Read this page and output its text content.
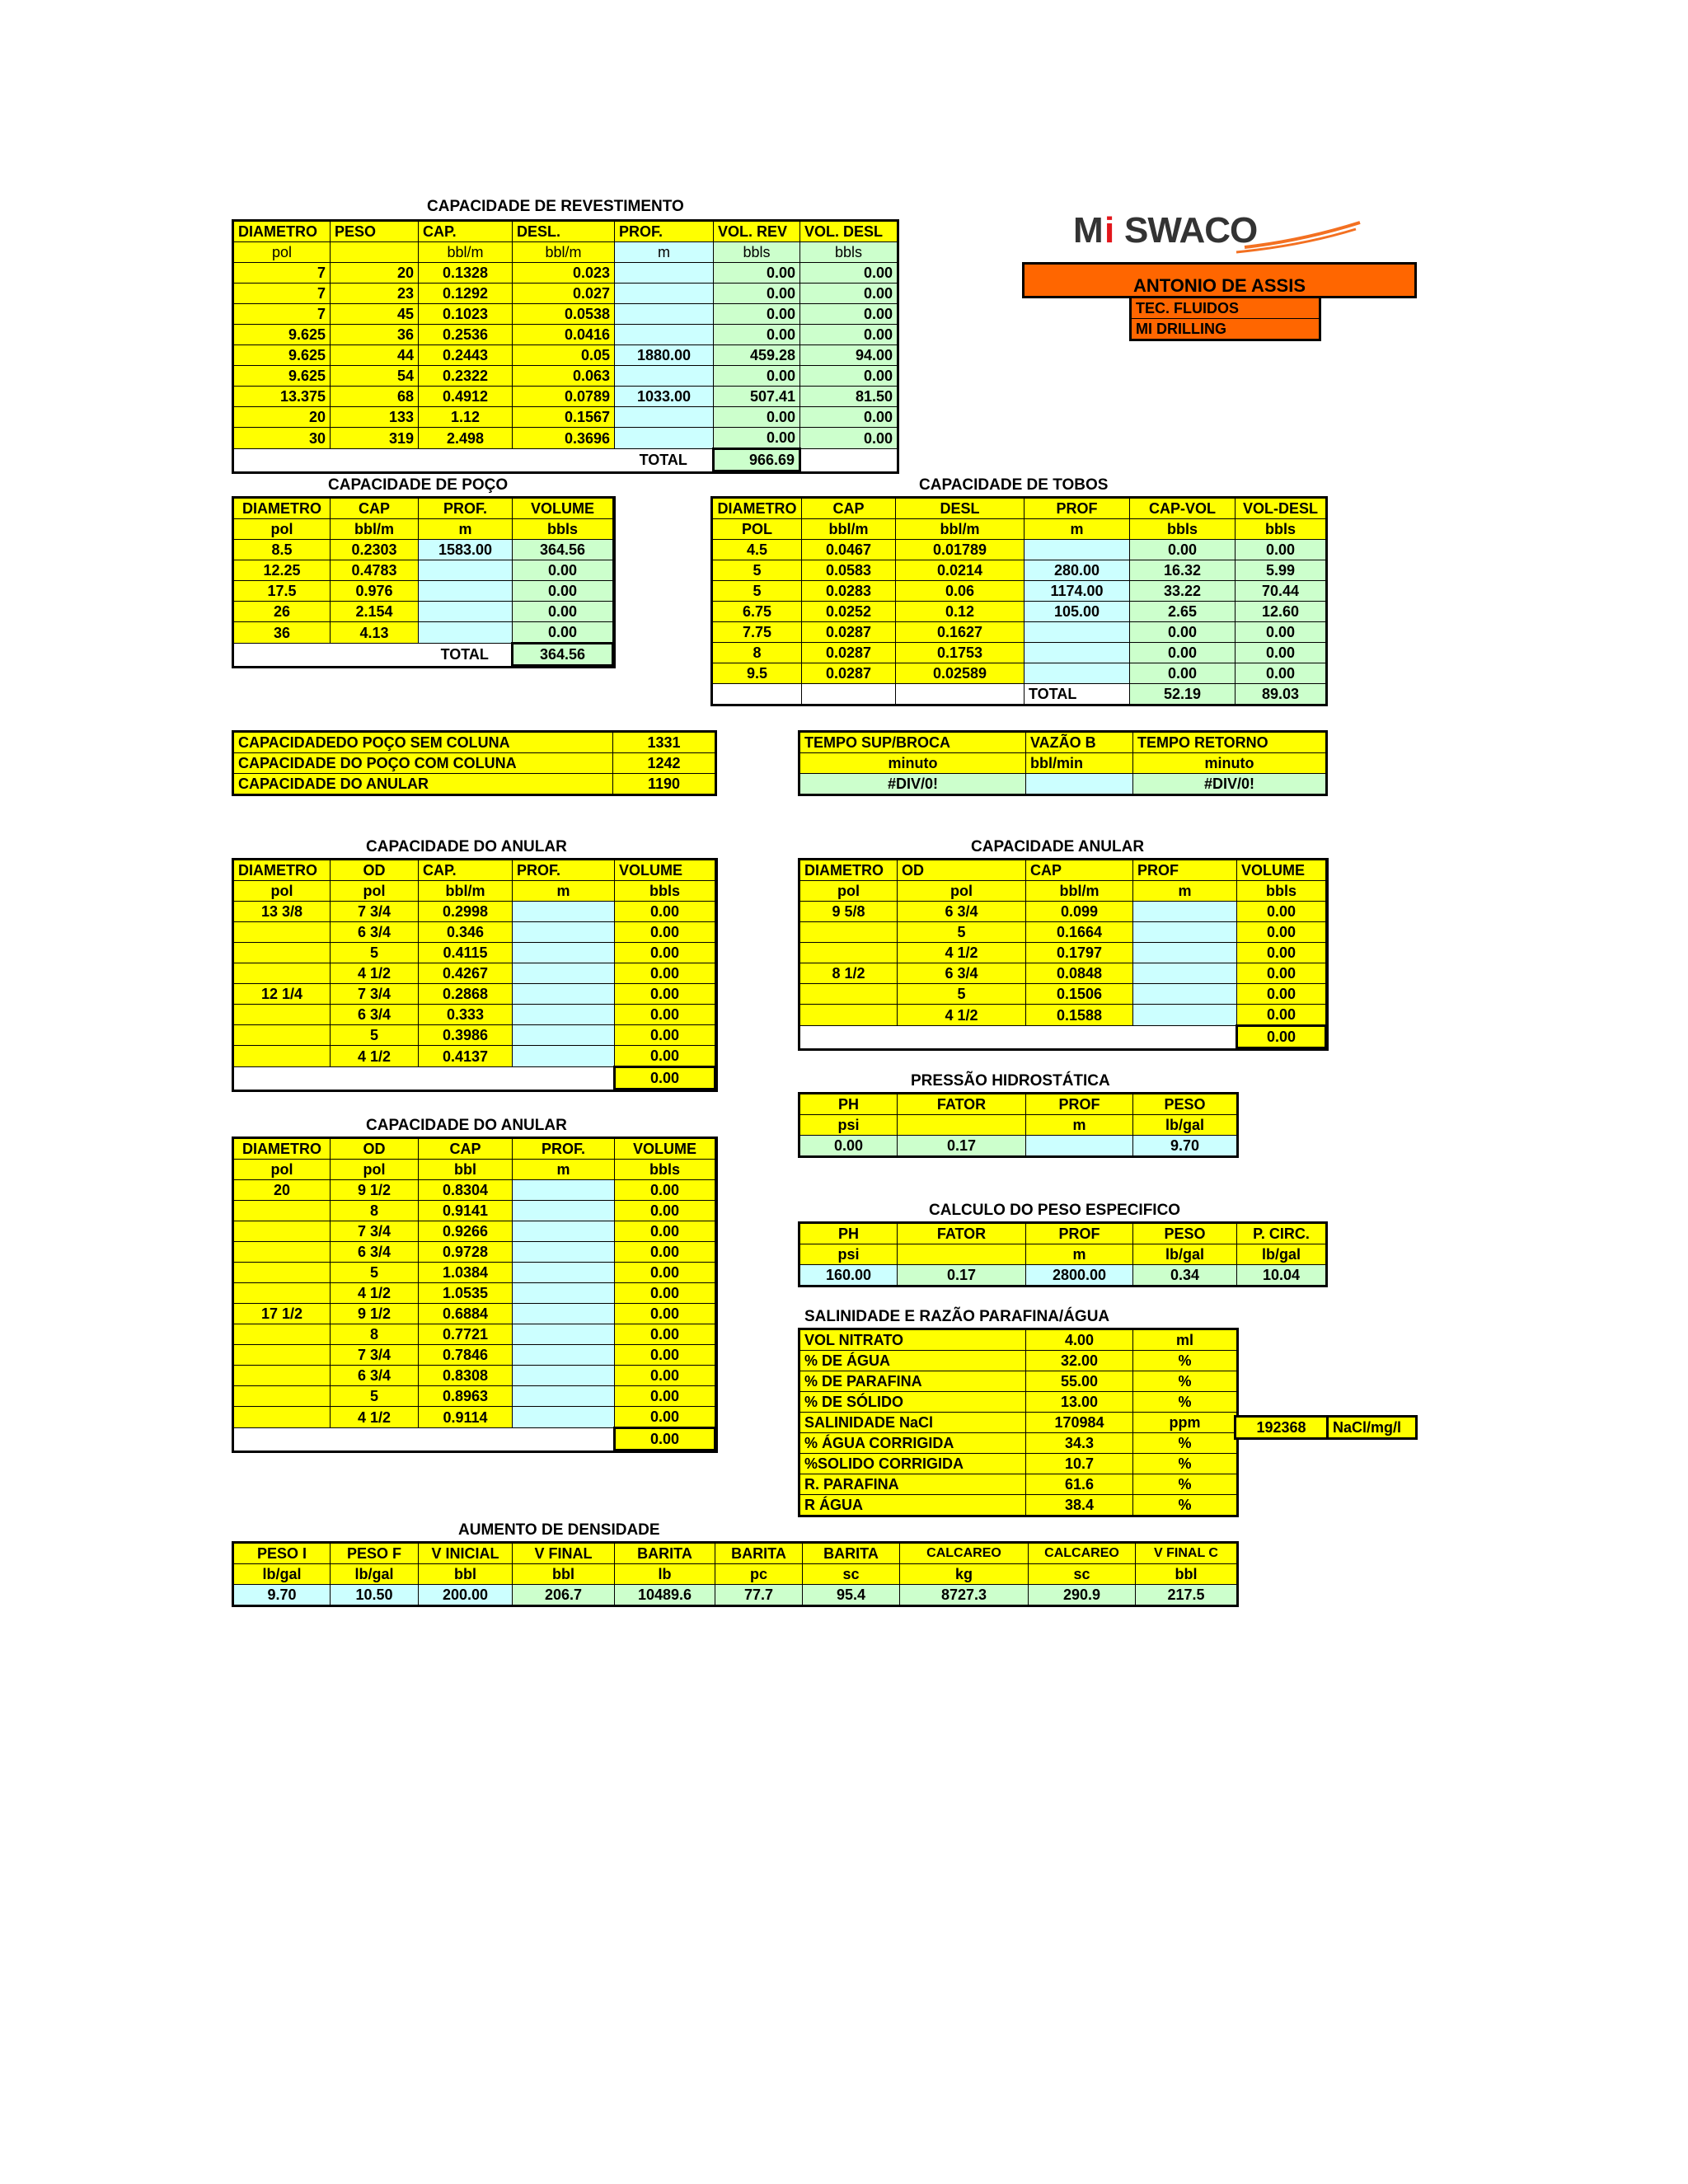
CAPACIDADE DE REVESTIMENTO
DIAMETRO	PESO	CAP.	DESL.	PROF.	VOL. REV	VOL. DESL
pol		bbl/m	bbl/m	m	bbls	bbls
7	20	0.1328	0.023		0.00	0.00
7	23	0.1292	0.027		0.00	0.00
7	45	0.1023	0.0538		0.00	0.00
9.625	36	0.2536	0.0416		0.00	0.00
9.625	44	0.2443	0.05	1880.00	459.28	94.00
9.625	54	0.2322	0.063		0.00	0.00
13.375	68	0.4912	0.0789	1033.00	507.41	81.50
20	133	1.12	0.1567		0.00	0.00
30	319	2.498	0.3696		0.00	0.00
				TOTAL	966.69	
M i SWACO

ANTONIO DE ASSIS		
	TEC. FLUIDOS	
	MI DRILLING	
CAPACIDADE DE POÇO
DIAMETRO	CAP	PROF.	VOLUME
pol	bbl/m	m	bbls
8.5	0.2303	1583.00	364.56
12.25	0.4783		0.00
17.5	0.976		0.00
26	2.154		0.00
36	4.13		0.00
		TOTAL	364.56
CAPACIDADE DE TOBOS
DIAMETRO	CAP	DESL	PROF	CAP-VOL	VOL-DESL
POL	bbl/m	bbl/m	m	bbls	bbls
4.5	0.0467	0.01789		0.00	0.00
5	0.0583	0.0214	280.00	16.32	5.99
5	0.0283	0.06	1174.00	33.22	70.44
6.75	0.0252	0.12	105.00	2.65	12.60
7.75	0.0287	0.1627		0.00	0.00
8	0.0287	0.1753		0.00	0.00
9.5	0.0287	0.02589		0.00	0.00
			TOTAL	52.19	89.03
CAPACIDADEDO POÇO SEM COLUNA	1331
CAPACIDADE DO POÇO COM COLUNA	1242
CAPACIDADE DO ANULAR	1190
TEMPO SUP/BROCA	VAZÃO B	TEMPO RETORNO
minuto	bbl/min	minuto
#DIV/0!		#DIV/0!
CAPACIDADE DO ANULAR
DIAMETRO	OD	CAP.	PROF.	VOLUME
pol	pol	bbl/m	m	bbls
13 3/8	7 3/4	0.2998		0.00
	6 3/4	0.346		0.00
	5	0.4115		0.00
	4 1/2	0.4267		0.00
12 1/4	7 3/4	0.2868		0.00
	6 3/4	0.333		0.00
	5	0.3986		0.00
	4 1/2	0.4137		0.00
				0.00
CAPACIDADE ANULAR
DIAMETRO	OD	CAP	PROF	VOLUME
pol	pol	bbl/m	m	bbls
9 5/8	6 3/4	0.099		0.00
	5	0.1664		0.00
	4 1/2	0.1797		0.00
8 1/2	6 3/4	0.0848		0.00
	5	0.1506		0.00
	4 1/2	0.1588		0.00
				0.00
PRESSÃO HIDROSTÁTICA
PH	FATOR	PROF	PESO
psi		m	lb/gal
0.00	0.17		9.70
CAPACIDADE DO ANULAR
DIAMETRO	OD	CAP	PROF.	VOLUME
pol	pol	bbl	m	bbls
20	9 1/2	0.8304		0.00
	8	0.9141		0.00
	7 3/4	0.9266		0.00
	6 3/4	0.9728		0.00
	5	1.0384		0.00
	4 1/2	1.0535		0.00
17 1/2	9 1/2	0.6884		0.00
	8	0.7721		0.00
	7 3/4	0.7846		0.00
	6 3/4	0.8308		0.00
	5	0.8963		0.00
	4 1/2	0.9114		0.00
				0.00
CALCULO DO PESO ESPECIFICO
PH	FATOR	PROF	PESO	P. CIRC.
psi		m	lb/gal	lb/gal
160.00	0.17	2800.00	0.34	10.04
SALINIDADE E RAZÃO PARAFINA/ÁGUA
VOL NITRATO	4.00	ml
% DE ÁGUA	32.00	%
% DE PARAFINA	55.00	%
% DE SÓLIDO	13.00	%
SALINIDADE NaCl	170984	ppm
% ÁGUA CORRIGIDA	34.3	%
%SOLIDO CORRIGIDA	10.7	%
R. PARAFINA	61.6	%
R ÁGUA	38.4	%
192368	NaCl/mg/l
AUMENTO DE DENSIDADE
PESO I	PESO F	V INICIAL	V FINAL	BARITA	BARITA	BARITA	CALCAREO	CALCAREO	V FINAL C
lb/gal	lb/gal	bbl	bbl	lb	pc	sc	kg	sc	bbl
9.70	10.50	200.00	206.7	10489.6	77.7	95.4	8727.3	290.9	217.5
